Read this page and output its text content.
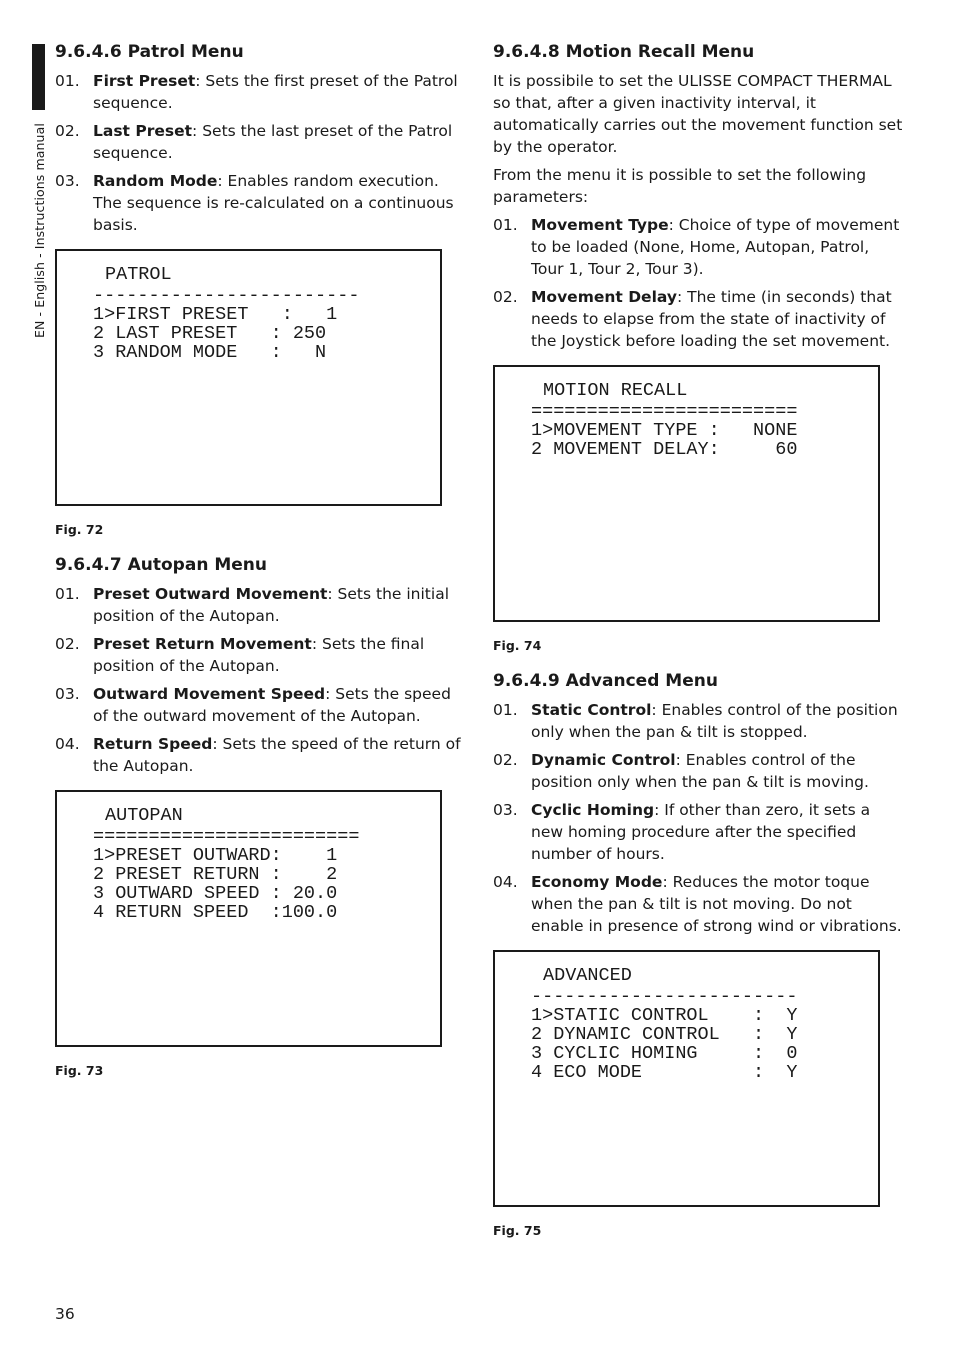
EN - English - Instructions manual
9.6.4.6 Patrol Menu
01. First Preset: Sets the first preset of the Patrol sequence.
02. Last Preset: Sets the last preset of the Patrol sequence.
03. Random Mode: Enables random execution. The sequence is re-calculated on a continuous basis.
PATROL
------------------------
1>FIRST PRESET   :   1
2 LAST PRESET   : 250
3 RANDOM MODE   :   N
Fig. 72
9.6.4.7 Autopan Menu
01. Preset Outward Movement: Sets the initial position of the Autopan.
02. Preset Return Movement: Sets the final position of the Autopan.
03. Outward Movement Speed: Sets the speed of the outward movement of the Autopan.
04. Return Speed: Sets the speed of the return of the Autopan.
AUTOPAN
========================
1>PRESET OUTWARD:    1
2 PRESET RETURN :    2
3 OUTWARD SPEED : 20.0
4 RETURN SPEED  :100.0
Fig. 73
9.6.4.8 Motion Recall Menu

It is possibile to set the ULISSE COMPACT THERMAL so that, after a given inactivity interval, it automatically carries out the movement function set by the operator.

From the menu it is possible to set the following parameters:

01. Movement Type: Choice of type of movement to be loaded (None, Home, Autopan, Patrol, Tour 1, Tour 2, Tour 3).
02. Movement Delay: The time (in seconds) that needs to elapse from the state of inactivity of the Joystick before loading the set movement.
MOTION RECALL
========================
1>MOVEMENT TYPE :   NONE
2 MOVEMENT DELAY:     60
Fig. 74
9.6.4.9 Advanced Menu
01. Static Control: Enables control of the position only when the pan & tilt is stopped.
02. Dynamic Control: Enables control of the position only when the pan & tilt is moving.
03. Cyclic Homing: If other than zero, it sets a new homing procedure after the specified number of hours.
04. Economy Mode: Reduces the motor toque when the pan & tilt is not moving. Do not enable in presence of strong wind or vibrations.
ADVANCED
------------------------
1>STATIC CONTROL    :  Y
2 DYNAMIC CONTROL   :  Y
3 CYCLIC HOMING     :  0
4 ECO MODE          :  Y
Fig. 75
36
